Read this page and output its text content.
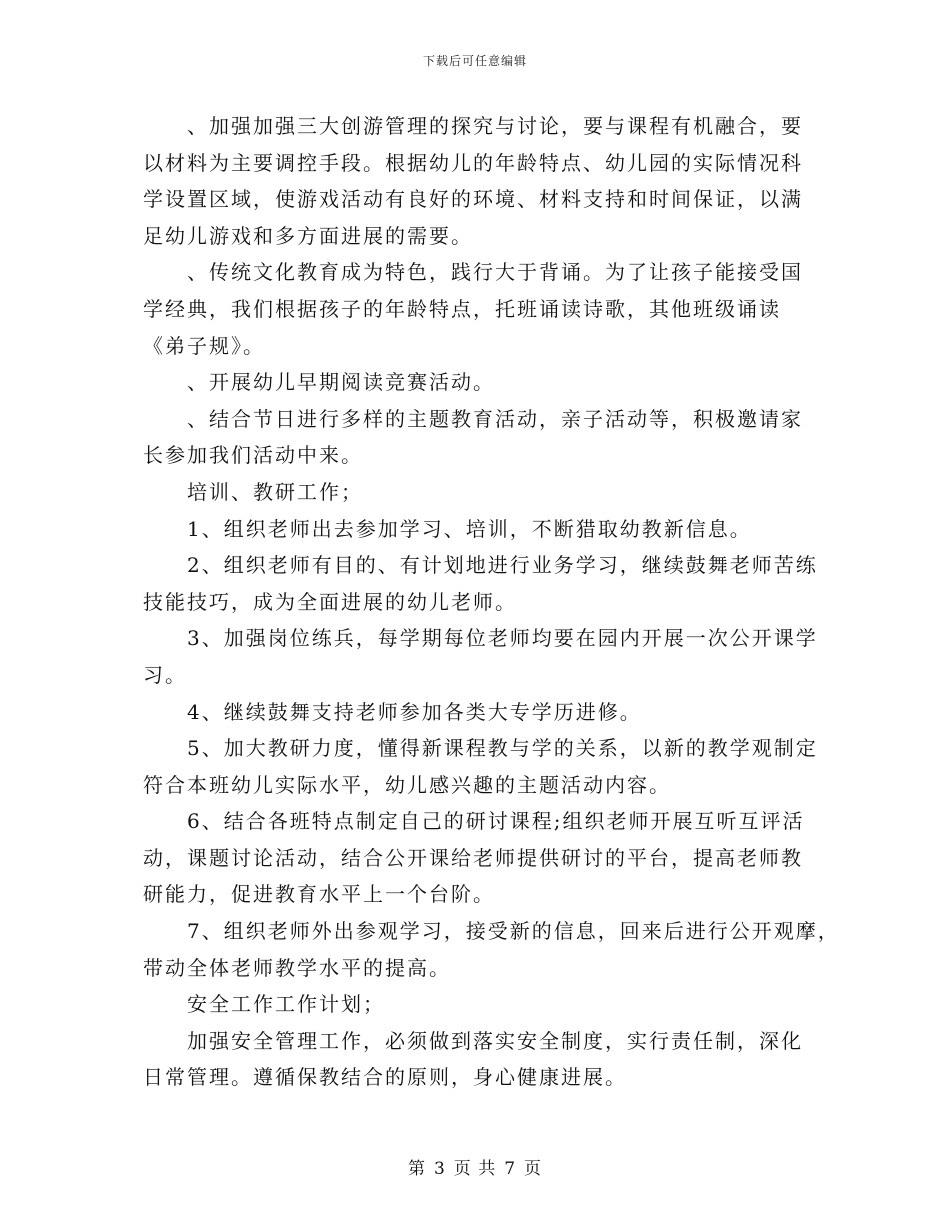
下载后可任意编辑
、加强加强三大创游管理的探究与讨论，要与课程有机融合，要
以材料为主要调控手段。根据幼儿的年龄特点、幼儿园的实际情况科
学设置区域，使游戏活动有良好的环境、材料支持和时间保证，以满
足幼儿游戏和多方面进展的需要。
、传统文化教育成为特色，践行大于背诵。为了让孩子能接受国
学经典，我们根据孩子的年龄特点，托班诵读诗歌，其他班级诵读
《弟子规》。
、开展幼儿早期阅读竞赛活动。
、结合节日进行多样的主题教育活动，亲子活动等，积极邀请家
长参加我们活动中来。
培训、教研工作；
1、组织老师出去参加学习、培训，不断猎取幼教新信息。
2、组织老师有目的、有计划地进行业务学习，继续鼓舞老师苦练
技能技巧，成为全面进展的幼儿老师。
3、加强岗位练兵，每学期每位老师均要在园内开展一次公开课学
习。
4、继续鼓舞支持老师参加各类大专学历进修。
5、加大教研力度，懂得新课程教与学的关系，以新的教学观制定
符合本班幼儿实际水平，幼儿感兴趣的主题活动内容。
6、结合各班特点制定自己的研讨课程;组织老师开展互听互评活
动，课题讨论活动，结合公开课给老师提供研讨的平台，提高老师教
研能力，促进教育水平上一个台阶。
7、组织老师外出参观学习，接受新的信息，回来后进行公开观摩，
带动全体老师教学水平的提高。
安全工作工作计划；
加强安全管理工作，必须做到落实安全制度，实行责任制，深化
日常管理。遵循保教结合的原则，身心健康进展。
第 3 页 共 7 页
